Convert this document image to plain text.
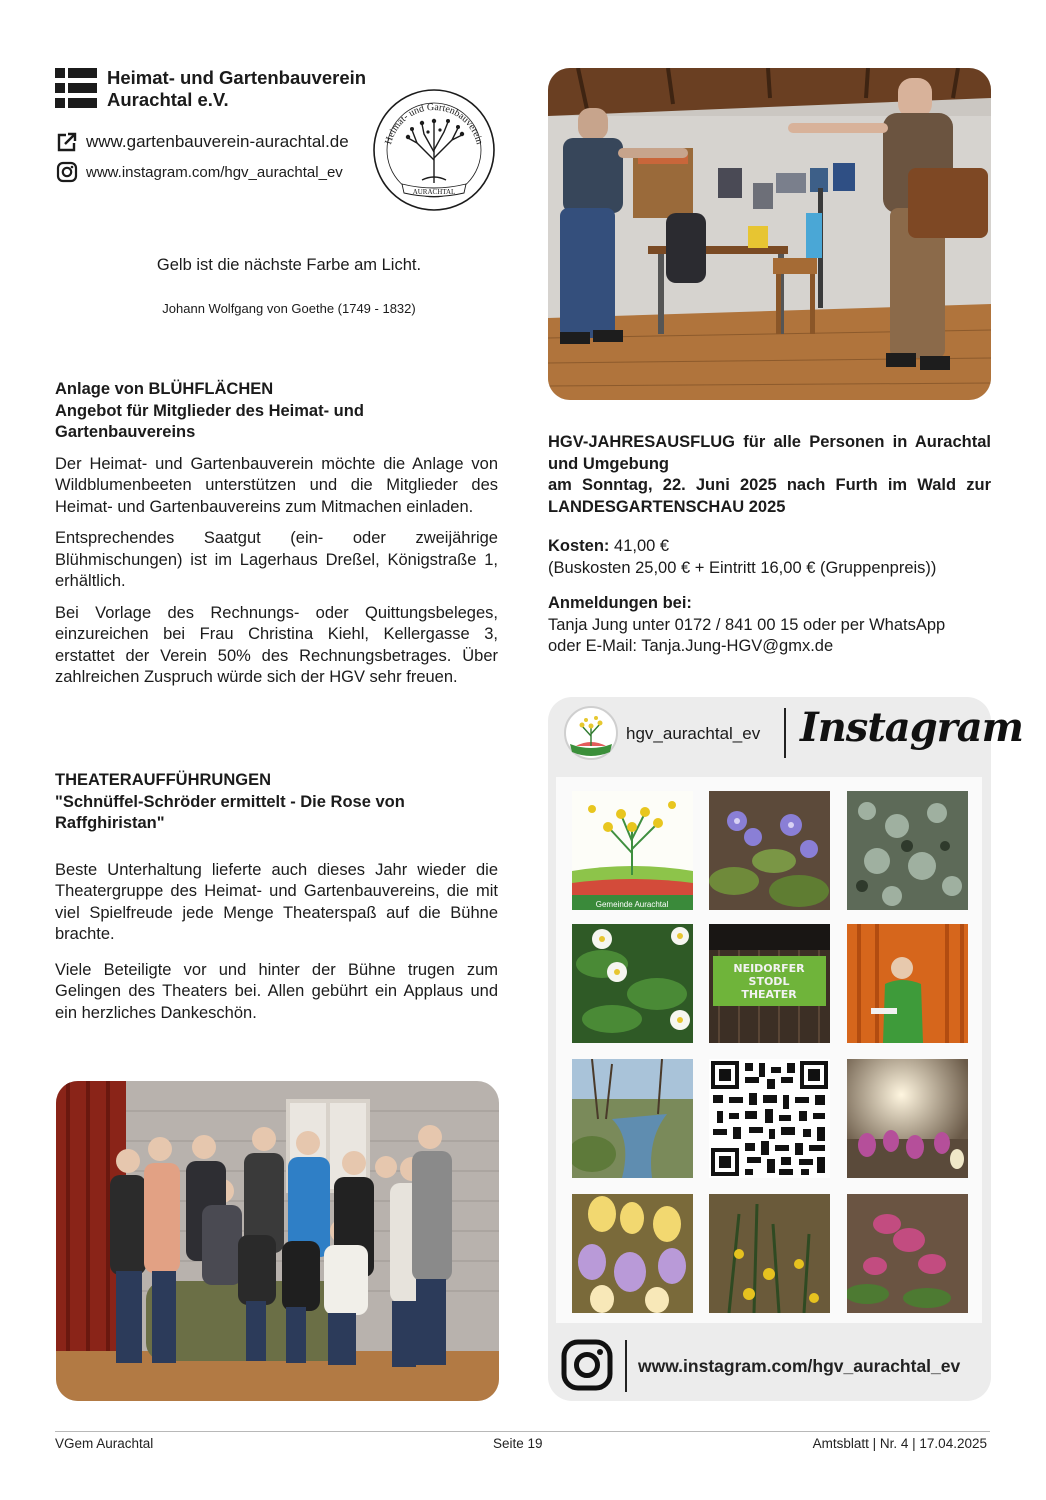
Heimat- und Gartenbauverein
Aurachtal e.V.
www.gartenbauverein-aurachtal.de
www.instagram.com/hgv_aurachtal_ev
Heimat- und Gartenbauverein
AURACHTAL
Gelb ist die nächste Farbe am Licht.
Johann Wolfgang von Goethe (1749 - 1832)
Anlage von BLÜHFLÄCHEN
Angebot für Mitglieder des Heimat- und Gartenbauvereins

Der Heimat- und Gartenbauverein möchte die Anlage von Wildblumenbeeten unterstützen und die Mitglieder des Heimat- und Gartenbauvereins zum Mitmachen einladen.

Entsprechendes Saatgut (ein- oder zweijährige Blühmischungen) ist im Lagerhaus Dreßel, Königstraße 1, erhältlich.

Bei Vorlage des Rechnungs- oder Quittungsbeleges, einzureichen bei Frau Christina Kiehl, Kellergasse 3, erstattet der Verein 50% des Rechnungsbetrages. Über zahlreichen Zuspruch würde sich der HGV sehr freuen.

THEATERAUFFÜHRUNGEN
"Schnüffel-Schröder ermittelt - Die Rose von Raffghiristan"

Beste Unterhaltung lieferte auch dieses Jahr wieder die Theatergruppe des Heimat- und Gartenbauvereins, die mit viel Spielfreude jede Menge Theaterspaß auf die Bühne brachte.

Viele Beteiligte vor und hinter der Bühne trugen zum Gelingen des Theaters bei. Allen gebührt ein Applaus und ein herzliches Dankeschön.

HGV-JAHRESAUSFLUG für alle Personen in Aurachtal und Umgebung
am Sonntag, 22. Juni 2025 nach Furth im Wald zur LANDESGARTENSCHAU 2025
Kosten: 41,00 €
(Buskosten 25,00 € + Eintritt 16,00 € (Gruppenpreis))
Anmeldungen bei:
Tanja Jung unter 0172 / 841 00 15 oder per WhatsApp
oder E-Mail: Tanja.Jung-HGV@gmx.de
hgv_aurachtal_ev Instagram
Gemeinde Aurachtal
NEIDORFER
STODL
THEATER
www.instagram.com/hgv_aurachtal_ev
VGem Aurachtal	Seite 19	Amtsblatt | Nr. 4 | 17.04.2025
